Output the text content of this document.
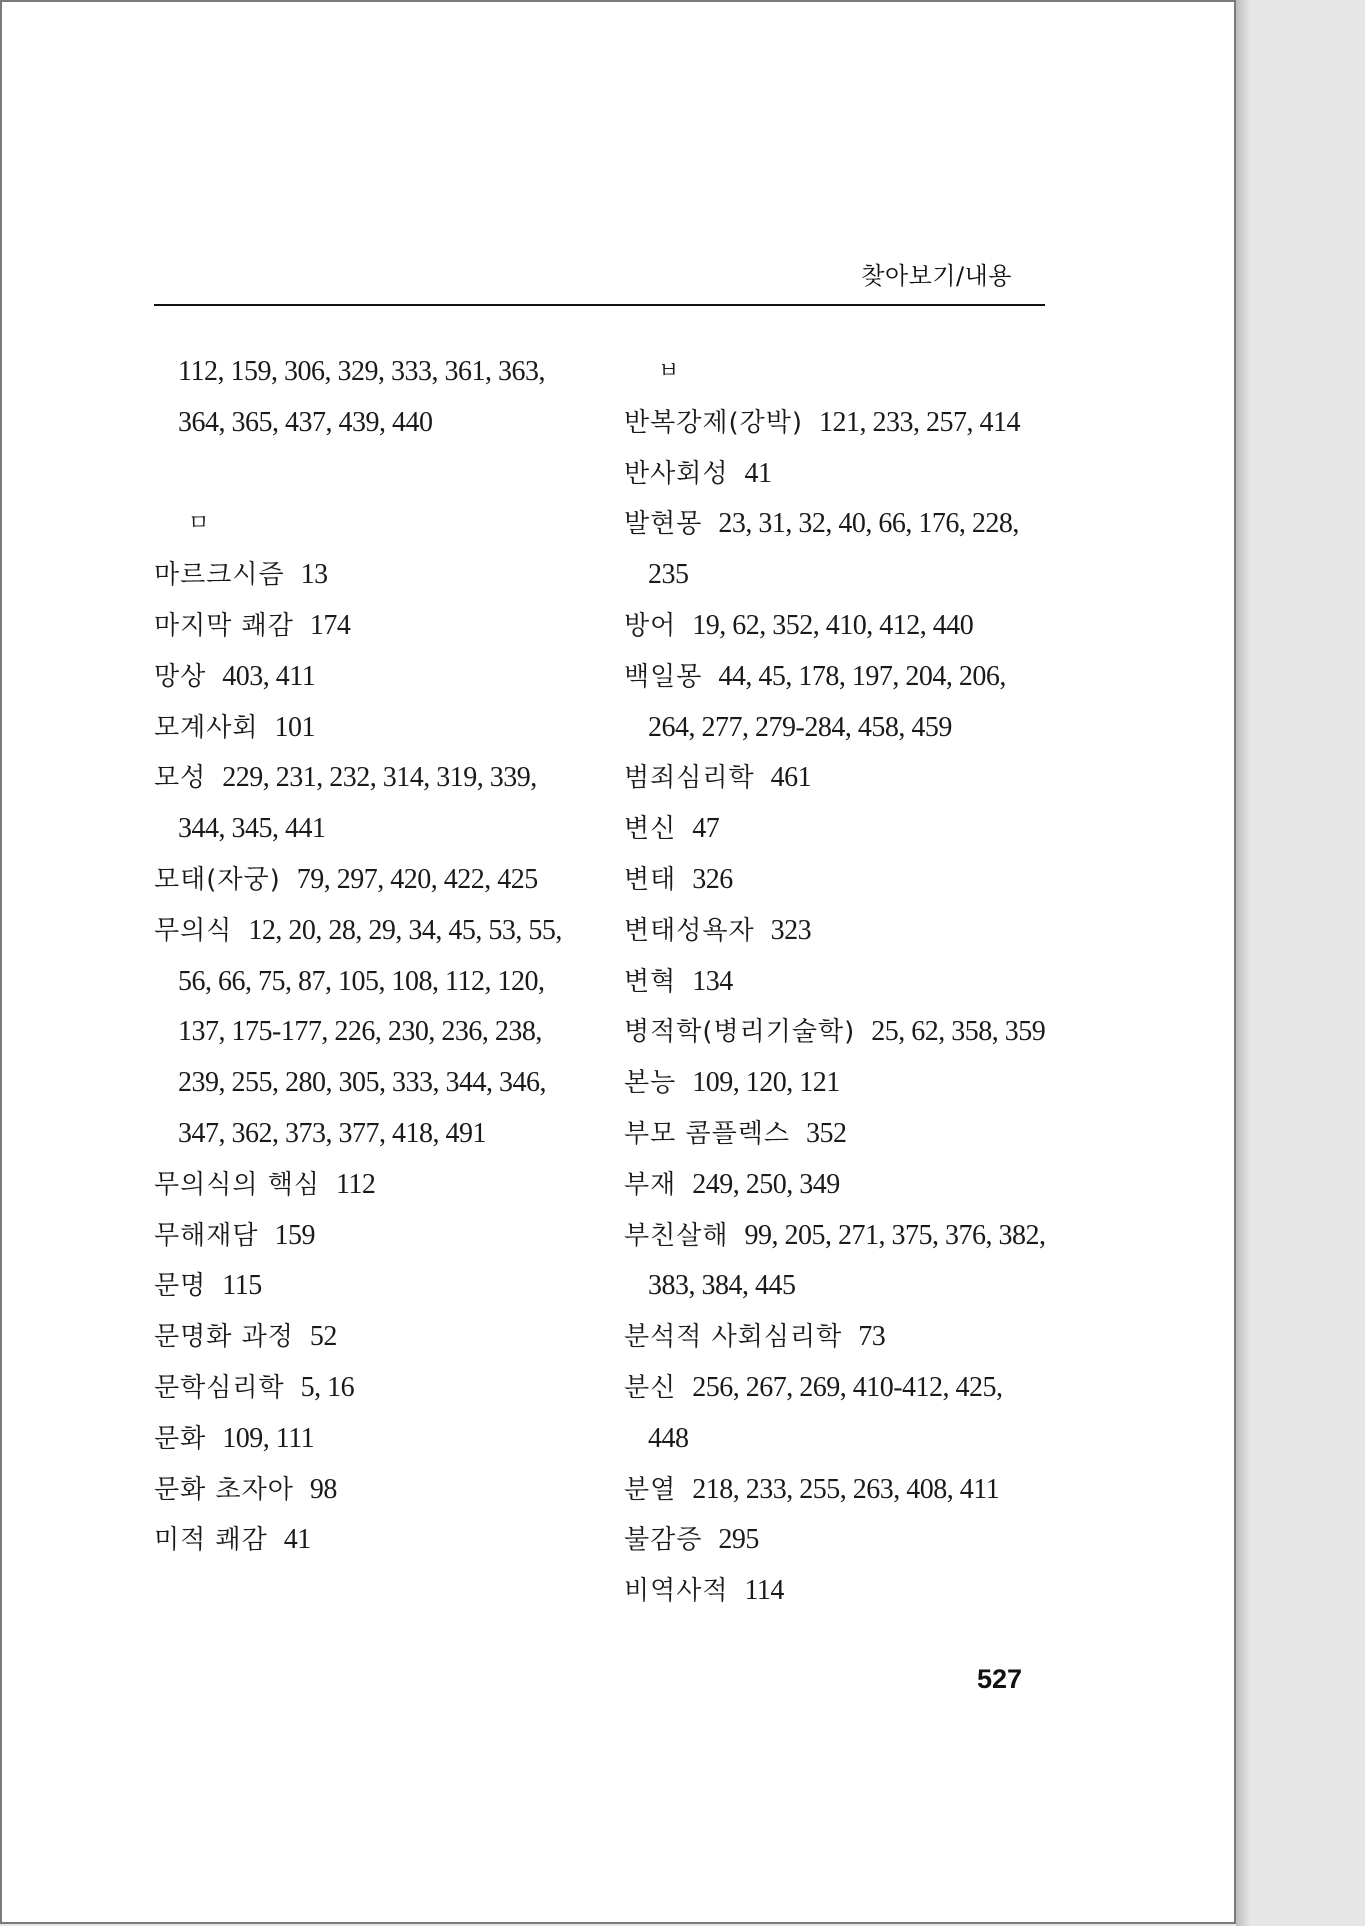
찾아보기/내용
112, 159, 306, 329, 333, 361, 363,
364, 365, 437, 439, 440
ㅁ
마르크시즘 13
마지막 쾌감 174
망상 403, 411
모계사회 101
모성 229, 231, 232, 314, 319, 339,
344, 345, 441
모태(자궁) 79, 297, 420, 422, 425
무의식 12, 20, 28, 29, 34, 45, 53, 55,
56, 66, 75, 87, 105, 108, 112, 120,
137, 175-177, 226, 230, 236, 238,
239, 255, 280, 305, 333, 344, 346,
347, 362, 373, 377, 418, 491
무의식의 핵심 112
무해재담 159
문명 115
문명화 과정 52
문학심리학 5, 16
문화 109, 111
문화 초자아 98
미적 쾌감 41
ㅂ
반복강제(강박) 121, 233, 257, 414
반사회성 41
발현몽 23, 31, 32, 40, 66, 176, 228,
235
방어 19, 62, 352, 410, 412, 440
백일몽 44, 45, 178, 197, 204, 206,
264, 277, 279-284, 458, 459
범죄심리학 461
변신 47
변태 326
변태성욕자 323
변혁 134
병적학(병리기술학) 25, 62, 358, 359
본능 109, 120, 121
부모 콤플렉스 352
부재 249, 250, 349
부친살해 99, 205, 271, 375, 376, 382,
383, 384, 445
분석적 사회심리학 73
분신 256, 267, 269, 410-412, 425,
448
분열 218, 233, 255, 263, 408, 411
불감증 295
비역사적 114
527
